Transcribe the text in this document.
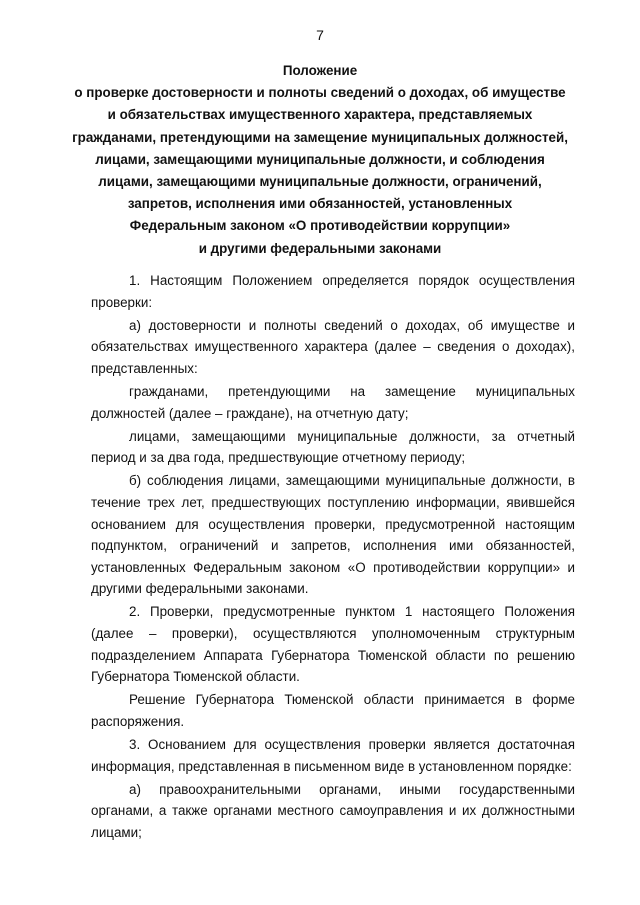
7
Положение
о проверке достоверности и полноты сведений о доходах, об имуществе
и обязательствах имущественного характера, представляемых
гражданами, претендующими на замещение муниципальных должностей,
лицами, замещающими муниципальные должности, и соблюдения
лицами, замещающими муниципальные должности, ограничений,
запретов, исполнения ими обязанностей, установленных
Федеральным законом «О противодействии коррупции»
и другими федеральными законами

1. Настоящим Положением определяется порядок осуществления проверки:

а) достоверности и полноты сведений о доходах, об имуществе и обязательствах имущественного характера (далее – сведения о доходах), представленных:

гражданами, претендующими на замещение муниципальных должностей (далее – граждане), на отчетную дату;

лицами, замещающими муниципальные должности, за отчетный период и за два года, предшествующие отчетному периоду;

б) соблюдения лицами, замещающими муниципальные должности, в течение трех лет, предшествующих поступлению информации, явившейся основанием для осуществления проверки, предусмотренной настоящим подпунктом, ограничений и запретов, исполнения ими обязанностей, установленных Федеральным законом «О противодействии коррупции» и другими федеральными законами.

2. Проверки, предусмотренные пунктом 1 настоящего Положения (далее – проверки), осуществляются уполномоченным структурным подразделением Аппарата Губернатора Тюменской области по решению Губернатора Тюменской области.

Решение Губернатора Тюменской области принимается в форме распоряжения.

3. Основанием для осуществления проверки является достаточная информация, представленная в письменном виде в установленном порядке:

а) правоохранительными органами, иными государственными органами, а также органами местного самоуправления и их должностными лицами;
